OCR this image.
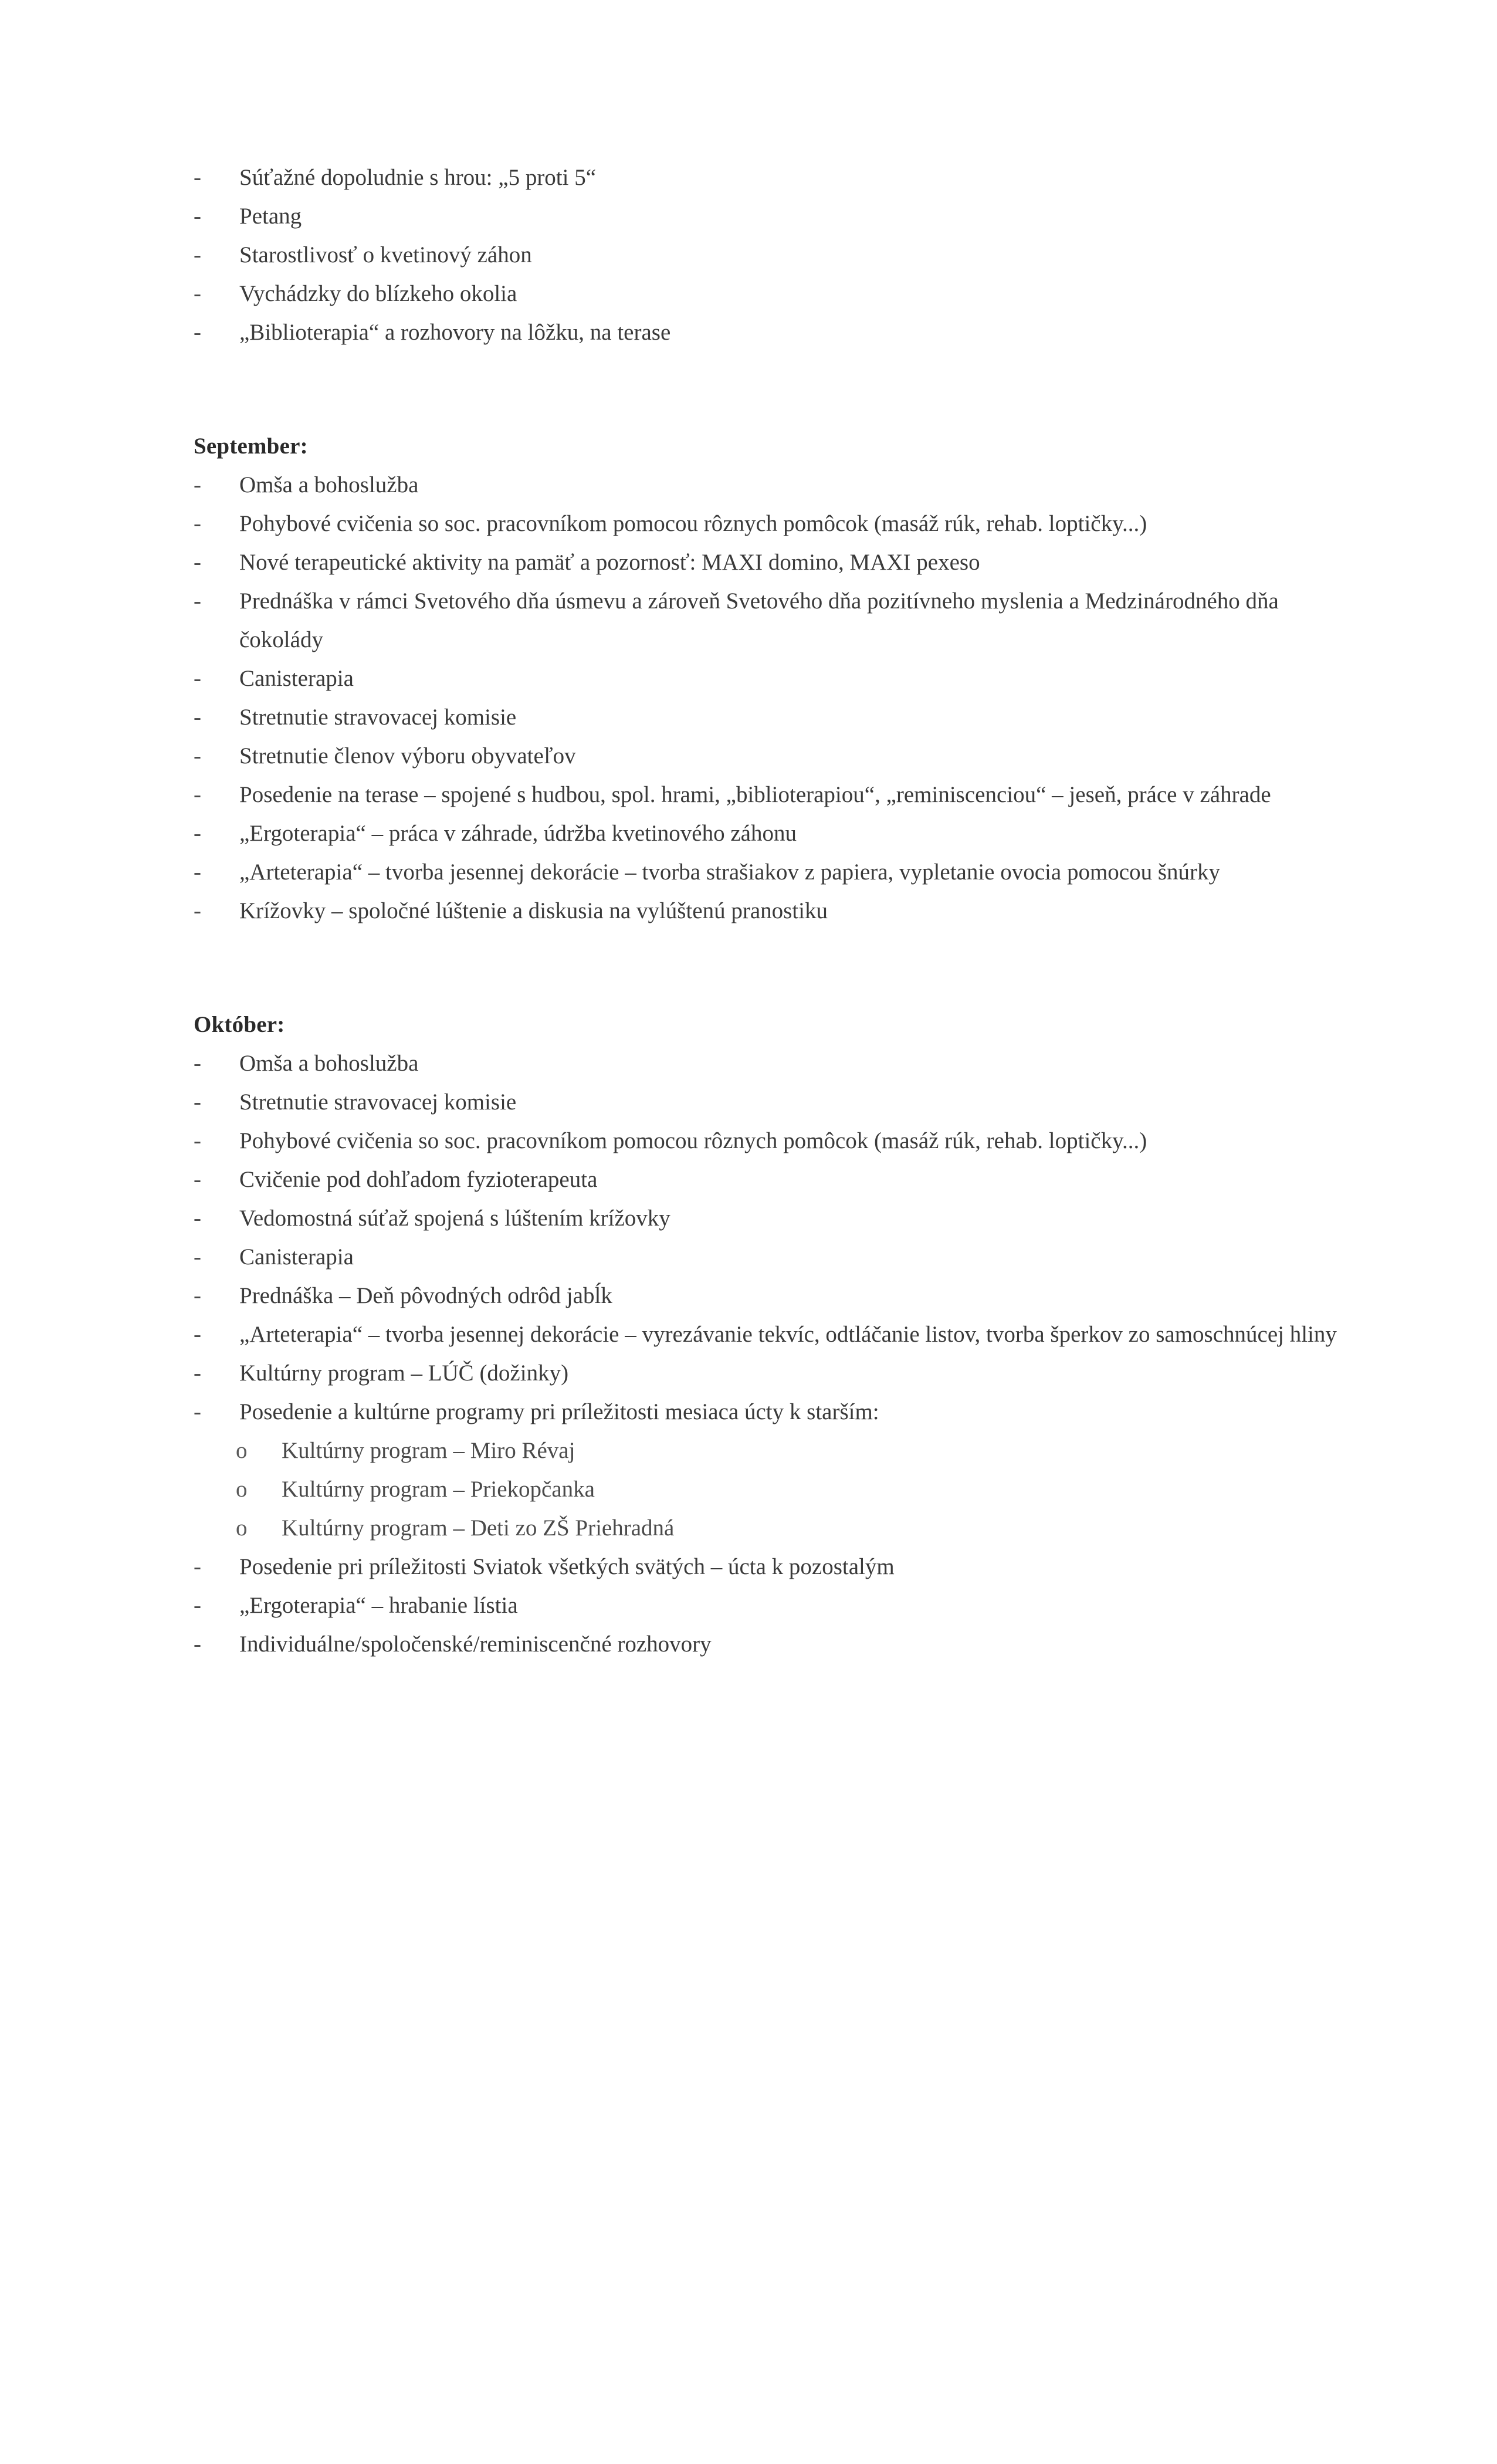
-	Súťažné dopoludnie s hrou: „5 proti 5“
-	Petang
-	Starostlivosť o kvetinový záhon
-	Vychádzky do blízkeho okolia
-	„Biblioterapia“ a rozhovory na lôžku, na terase
September:
-	Omša a bohoslužba
-	Pohybové cvičenia so soc. pracovníkom pomocou rôznych pomôcok (masáž rúk, rehab. loptičky...)
-	Nové terapeutické aktivity na pamäť a pozornosť: MAXI domino, MAXI pexeso
-	Prednáška v rámci Svetového dňa úsmevu a zároveň Svetového dňa pozitívneho myslenia a Medzinárodného dňa čokolády
-	Canisterapia
-	Stretnutie stravovacej komisie
-	Stretnutie členov výboru obyvateľov
-	Posedenie na terase – spojené s hudbou, spol. hrami, „biblioterapiou“, „reminiscenciou“ – jeseň, práce v záhrade
-	„Ergoterapia“ – práca v záhrade, údržba kvetinového záhonu
-	„Arteterapia“ – tvorba jesennej dekorácie – tvorba strašiakov z papiera, vypletanie ovocia pomocou šnúrky
-	Krížovky – spoločné lúštenie a diskusia na vylúštenú pranostiku
Október:
-	Omša a bohoslužba
-	Stretnutie stravovacej komisie
-	Pohybové cvičenia so soc. pracovníkom pomocou rôznych pomôcok (masáž rúk, rehab. loptičky...)
-	Cvičenie pod dohľadom fyzioterapeuta
-	Vedomostná súťaž spojená s lúštením krížovky
-	Canisterapia
-	Prednáška – Deň pôvodných odrôd jabĺk
-	„Arteterapia“ – tvorba jesennej dekorácie – vyrezávanie tekvíc, odtláčanie listov, tvorba šperkov zo samoschnúcej hliny
-	Kultúrny program – LÚČ (dožinky)
-	Posedenie a kultúrne programy pri príležitosti mesiaca úcty k starším:
o	Kultúrny program – Miro Révaj
o	Kultúrny program – Priekopčanka
o	Kultúrny program – Deti zo ZŠ Priehradná
-	Posedenie pri príležitosti Sviatok všetkých svätých – úcta k pozostalým
-	„Ergoterapia“ – hrabanie lístia
-	Individuálne/spoločenské/reminiscenčné rozhovory
